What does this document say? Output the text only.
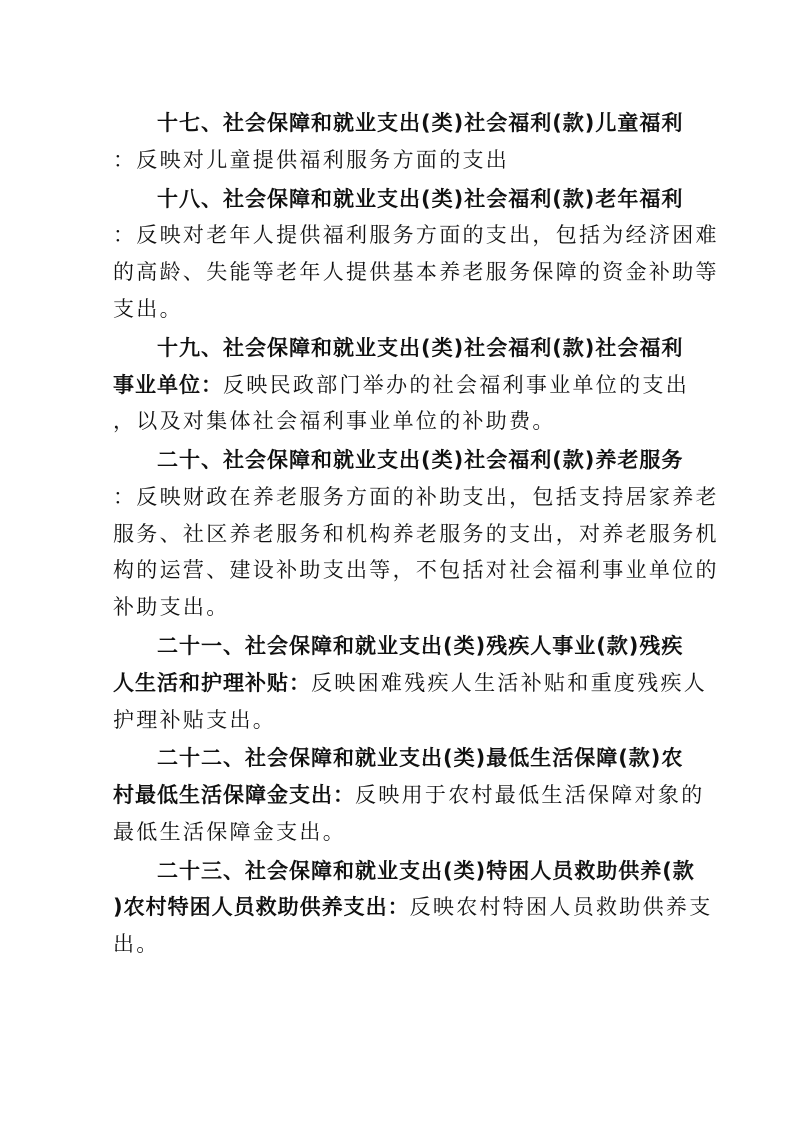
十七、社会保障和就业支出(类)社会福利(款)儿童福利
：反映对儿童提供福利服务方面的支出
十八、社会保障和就业支出(类)社会福利(款)老年福利
：反映对老年人提供福利服务方面的支出，包括为经济困难
的高龄、失能等老年人提供基本养老服务保障的资金补助等
支出。
十九、社会保障和就业支出(类)社会福利(款)社会福利
事业单位：反映民政部门举办的社会福利事业单位的支出
，以及对集体社会福利事业单位的补助费。
二十、社会保障和就业支出(类)社会福利(款)养老服务
：反映财政在养老服务方面的补助支出，包括支持居家养老
服务、社区养老服务和机构养老服务的支出，对养老服务机
构的运营、建设补助支出等，不包括对社会福利事业单位的
补助支出。
二十一、社会保障和就业支出(类)残疾人事业(款)残疾
人生活和护理补贴：反映困难残疾人生活补贴和重度残疾人
护理补贴支出。
二十二、社会保障和就业支出(类)最低生活保障(款)农
村最低生活保障金支出：反映用于农村最低生活保障对象的
最低生活保障金支出。
二十三、社会保障和就业支出(类)特困人员救助供养(款
)农村特困人员救助供养支出：反映农村特困人员救助供养支
出。
